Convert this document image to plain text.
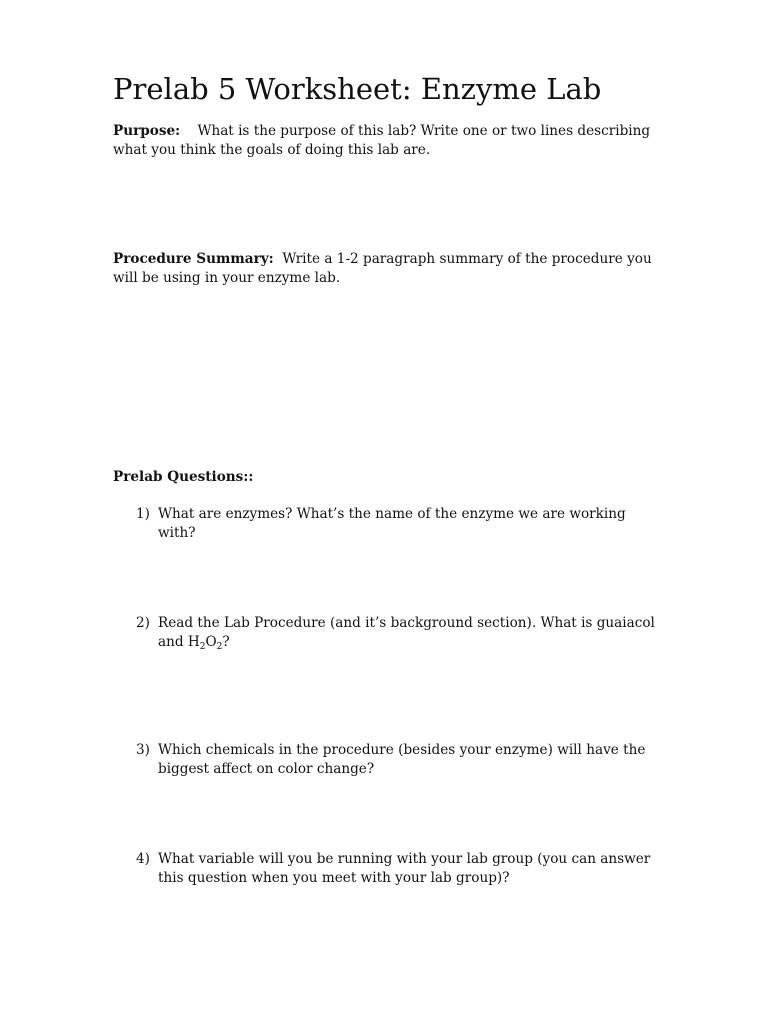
Prelab 5 Worksheet: Enzyme Lab

Purpose: What is the purpose of this lab? Write one or two lines describing what you think the goals of doing this lab are.

Procedure Summary: Write a 1-2 paragraph summary of the procedure you will be using in your enzyme lab.

Prelab Questions::

1) What are enzymes? What’s the name of the enzyme we are working with?
2) Read the Lab Procedure (and it’s background section). What is guaiacol and $H_2O_2$?
3) Which chemicals in the procedure (besides your enzyme) will have the biggest affect on color change?
4) What variable will you be running with your lab group (you can answer this question when you meet with your lab group)?
